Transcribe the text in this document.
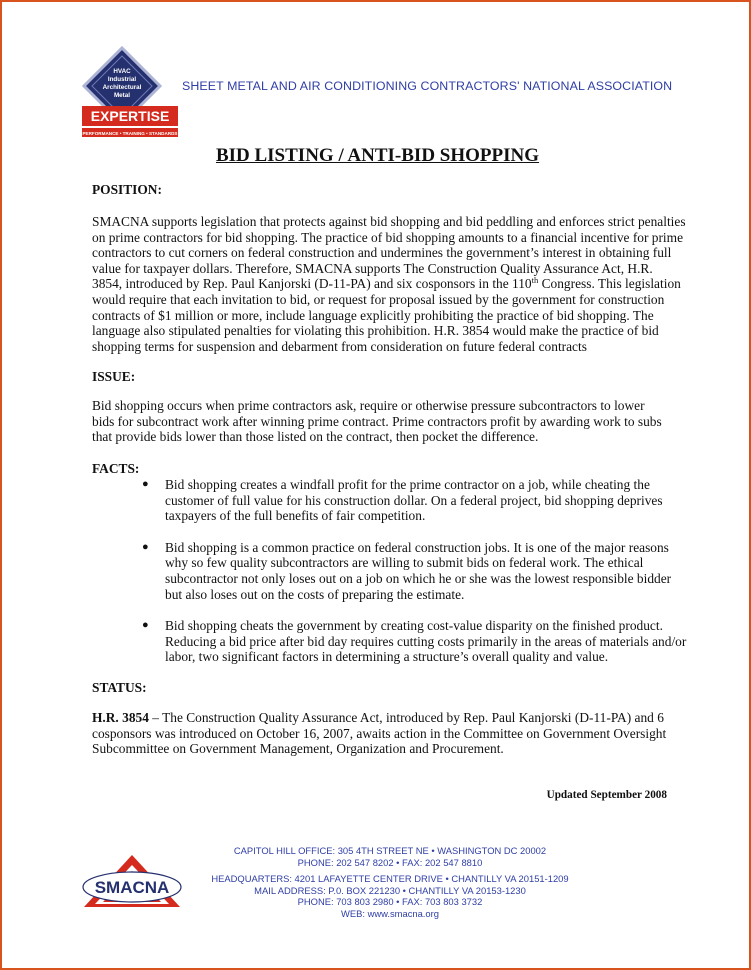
HVAC
Industrial
Architectural
Metal
EXPERTISE
PERFORMANCE • TRAINING • STANDARDS
SHEET METAL AND AIR CONDITIONING CONTRACTORS' NATIONAL ASSOCIATION
BID LISTING / ANTI-BID SHOPPING
POSITION:
SMACNA supports legislation that protects against bid shopping and bid peddling and enforces strict penalties
on prime contractors for bid shopping. The practice of bid shopping amounts to a financial incentive for prime
contractors to cut corners on federal construction and undermines the government’s interest in obtaining full
value for taxpayer dollars. Therefore, SMACNA supports The Construction Quality Assurance Act, H.R.
3854, introduced by Rep. Paul Kanjorski (D-11-PA) and six cosponsors in the 110th Congress. This legislation
would require that each invitation to bid, or request for proposal issued by the government for construction
contracts of $1 million or more, include language explicitly prohibiting the practice of bid shopping. The
language also stipulated penalties for violating this prohibition. H.R. 3854 would make the practice of bid
shopping terms for suspension and debarment from consideration on future federal contracts
ISSUE:
Bid shopping occurs when prime contractors ask, require or otherwise pressure subcontractors to lower
bids for subcontract work after winning prime contract. Prime contractors profit by awarding work to subs
that provide bids lower than those listed on the contract, then pocket the difference.
FACTS:
● Bid shopping creates a windfall profit for the prime contractor on a job, while cheating the
customer of full value for his construction dollar. On a federal project, bid shopping deprives
taxpayers of the full benefits of fair competition.
● Bid shopping is a common practice on federal construction jobs. It is one of the major reasons
why so few quality subcontractors are willing to submit bids on federal work. The ethical
subcontractor not only loses out on a job on which he or she was the lowest responsible bidder
but also loses out on the costs of preparing the estimate.
● Bid shopping cheats the government by creating cost-value disparity on the finished product.
Reducing a bid price after bid day requires cutting costs primarily in the areas of materials and/or
labor, two significant factors in determining a structure’s overall quality and value.
STATUS:
H.R. 3854 – The Construction Quality Assurance Act, introduced by Rep. Paul Kanjorski (D-11-PA) and 6
cosponsors was introduced on October 16, 2007, awaits action in the Committee on Government Oversight
Subcommittee on Government Management, Organization and Procurement.
Updated September 2008
SMACNA
CAPITOL HILL OFFICE: 305 4TH STREET NE • WASHINGTON DC 20002
PHONE: 202 547 8202 • FAX: 202 547 8810
HEADQUARTERS: 4201 LAFAYETTE CENTER DRIVE • CHANTILLY VA 20151-1209
MAIL ADDRESS: P.0. BOX 221230 • CHANTILLY VA 20153-1230
PHONE: 703 803 2980 • FAX: 703 803 3732
WEB: www.smacna.org
